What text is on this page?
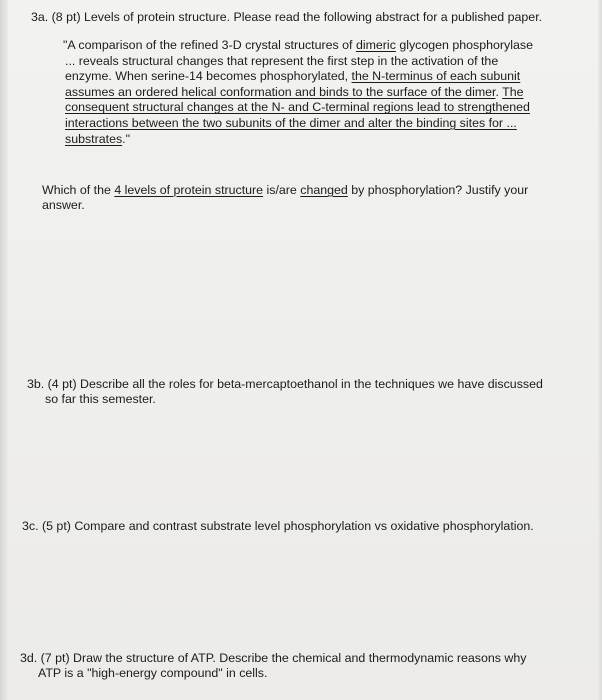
3a. (8 pt) Levels of protein structure. Please read the following abstract for a published paper.

"A comparison of the refined 3-D crystal structures of dimeric glycogen phosphorylase
... reveals structural changes that represent the first step in the activation of the
enzyme. When serine-14 becomes phosphorylated, the N-terminus of each subunit
assumes an ordered helical conformation and binds to the surface of the dimer. The
consequent structural changes at the N- and C-terminal regions lead to strengthened
interactions between the two subunits of the dimer and alter the binding sites for ...
substrates."

Which of the 4 levels of protein structure is/are changed by phosphorylation? Justify your
answer.

3b. (4 pt) Describe all the roles for beta-mercaptoethanol in the techniques we have discussed
so far this semester.

3c. (5 pt) Compare and contrast substrate level phosphorylation vs oxidative phosphorylation.

3d. (7 pt) Draw the structure of ATP. Describe the chemical and thermodynamic reasons why
ATP is a "high-energy compound" in cells.
